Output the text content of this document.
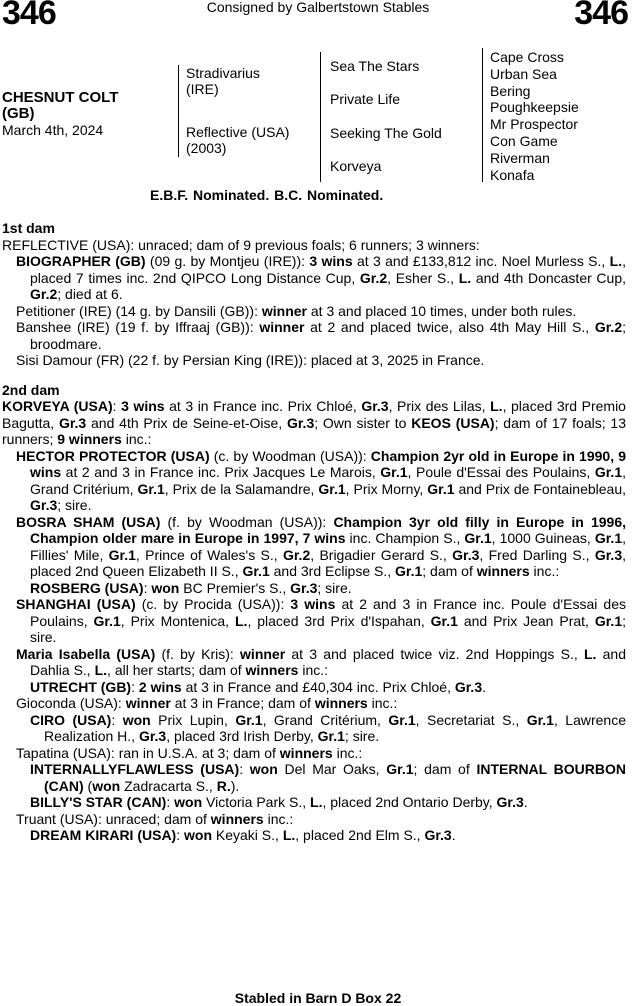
346	Consigned by Galbertstown Stables	346
CHESNUT COLT
(GB)
March 4th, 2024
Stradivarius
(IRE)
Reflective (USA)
(2003)
Sea The Stars
Private Life
Seeking The Gold
Korveya
Cape Cross
Urban Sea
Bering
Poughkeepsie
Mr Prospector
Con Game
Riverman
Konafa
E.B.F. Nominated. B.C. Nominated.
1st dam
REFLECTIVE (USA): unraced; dam of 9 previous foals; 6 runners; 3 winners:
BIOGRAPHER (GB) (09 g. by Montjeu (IRE)): 3 wins at 3 and £133,812 inc. Noel Murless S., L., placed 7 times inc. 2nd QIPCO Long Distance Cup, Gr.2, Esher S., L. and 4th Doncaster Cup, Gr.2; died at 6.
Petitioner (IRE) (14 g. by Dansili (GB)): winner at 3 and placed 10 times, under both rules.
Banshee (IRE) (19 f. by Iffraaj (GB)): winner at 2 and placed twice, also 4th May Hill S., Gr.2; broodmare.
Sisi Damour (FR) (22 f. by Persian King (IRE)): placed at 3, 2025 in France.
2nd dam
KORVEYA (USA): 3 wins at 3 in France inc. Prix Chloé, Gr.3, Prix des Lilas, L., placed 3rd Premio Bagutta, Gr.3 and 4th Prix de Seine-et-Oise, Gr.3; Own sister to KEOS (USA); dam of 17 foals; 13 runners; 9 winners inc.:
HECTOR PROTECTOR (USA) (c. by Woodman (USA)): Champion 2yr old in Europe in 1990, 9 wins at 2 and 3 in France inc. Prix Jacques Le Marois, Gr.1, Poule d'Essai des Poulains, Gr.1, Grand Critérium, Gr.1, Prix de la Salamandre, Gr.1, Prix Morny, Gr.1 and Prix de Fontainebleau, Gr.3; sire.
BOSRA SHAM (USA) (f. by Woodman (USA)): Champion 3yr old filly in Europe in 1996, Champion older mare in Europe in 1997, 7 wins inc. Champion S., Gr.1, 1000 Guineas, Gr.1, Fillies' Mile, Gr.1, Prince of Wales's S., Gr.2, Brigadier Gerard S., Gr.3, Fred Darling S., Gr.3, placed 2nd Queen Elizabeth II S., Gr.1 and 3rd Eclipse S., Gr.1; dam of winners inc.:
ROSBERG (USA): won BC Premier's S., Gr.3; sire.
SHANGHAI (USA) (c. by Procida (USA)): 3 wins at 2 and 3 in France inc. Poule d'Essai des Poulains, Gr.1, Prix Montenica, L., placed 3rd Prix d'Ispahan, Gr.1 and Prix Jean Prat, Gr.1; sire.
Maria Isabella (USA) (f. by Kris): winner at 3 and placed twice viz. 2nd Hoppings S., L. and Dahlia S., L., all her starts; dam of winners inc.:
UTRECHT (GB): 2 wins at 3 in France and £40,304 inc. Prix Chloé, Gr.3.
Gioconda (USA): winner at 3 in France; dam of winners inc.:
CIRO (USA): won Prix Lupin, Gr.1, Grand Critérium, Gr.1, Secretariat S., Gr.1, Lawrence Realization H., Gr.3, placed 3rd Irish Derby, Gr.1; sire.
Tapatina (USA): ran in U.S.A. at 3; dam of winners inc.:
INTERNALLYFLAWLESS (USA): won Del Mar Oaks, Gr.1; dam of INTERNAL BOURBON (CAN) (won Zadracarta S., R.).
BILLY'S STAR (CAN): won Victoria Park S., L., placed 2nd Ontario Derby, Gr.3.
Truant (USA): unraced; dam of winners inc.:
DREAM KIRARI (USA): won Keyaki S., L., placed 2nd Elm S., Gr.3.
Stabled in Barn D Box 22
